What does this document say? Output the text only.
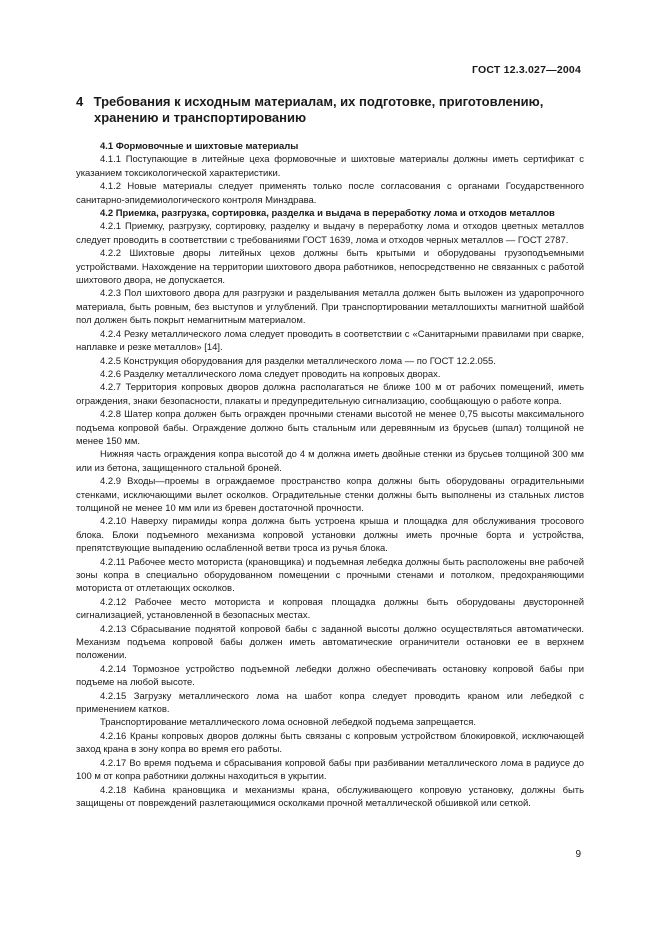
ГОСТ 12.3.027—2004
4 Требования к исходным материалам, их подготовке, приготовлению,
хранению и транспортированию

4.1 Формовочные и шихтовые материалы

4.1.1 Поступающие в литейные цеха формовочные и шихтовые материалы должны иметь сертификат с указанием токсикологической характеристики.

4.1.2 Новые материалы следует применять только после согласования с органами Государственного санитарно-эпидемиологического контроля Минздрава.

4.2 Приемка, разгрузка, сортировка, разделка и выдача в переработку лома и отходов металлов

4.2.1 Приемку, разгрузку, сортировку, разделку и выдачу в переработку лома и отходов цветных металлов следует проводить в соответствии с требованиями ГОСТ 1639, лома и отходов черных металлов — ГОСТ 2787.

4.2.2 Шихтовые дворы литейных цехов должны быть крытыми и оборудованы грузоподъемными устройствами. Нахождение на территории шихтового двора работников, непосредственно не связанных с работой шихтового двора, не допускается.

4.2.3 Пол шихтового двора для разгрузки и разделывания металла должен быть выложен из ударопрочного материала, быть ровным, без выступов и углублений. При транспортировании металлошихты магнитной шайбой пол должен быть покрыт немагнитным материалом.

4.2.4 Резку металлического лома следует проводить в соответствии с «Санитарными правилами при сварке, наплавке и резке металлов» [14].

4.2.5 Конструкция оборудования для разделки металлического лома — по ГОСТ 12.2.055.

4.2.6 Разделку металлического лома следует проводить на копровых дворах.

4.2.7 Территория копровых дворов должна располагаться не ближе 100 м от рабочих помещений, иметь ограждения, знаки безопасности, плакаты и предупредительную сигнализацию, сообщающую о работе копра.

4.2.8 Шатер копра должен быть огражден прочными стенами высотой не менее 0,75 высоты максимального подъема копровой бабы. Ограждение должно быть стальным или деревянным из брусьев (шпал) толщиной не менее 150 мм.

Нижняя часть ограждения копра высотой до 4 м должна иметь двойные стенки из брусьев толщиной 300 мм или из бетона, защищенного стальной броней.

4.2.9 Входы—проемы в ограждаемое пространство копра должны быть оборудованы оградительными стенками, исключающими вылет осколков. Оградительные стенки должны быть выполнены из стальных листов толщиной не менее 10 мм или из бревен достаточной прочности.

4.2.10 Наверху пирамиды копра должна быть устроена крыша и площадка для обслуживания тросового блока. Блоки подъемного механизма копровой установки должны иметь прочные борта и устройства, препятствующие выпадению ослабленной ветви троса из ручья блока.

4.2.11 Рабочее место моториста (крановщика) и подъемная лебедка должны быть расположены вне рабочей зоны копра в специально оборудованном помещении с прочными стенами и потолком, предохраняющими моториста от отлетающих осколков.

4.2.12 Рабочее место моториста и копровая площадка должны быть оборудованы двусторонней сигнализацией, установленной в безопасных местах.

4.2.13 Сбрасывание поднятой копровой бабы с заданной высоты должно осуществляться автоматически. Механизм подъема копровой бабы должен иметь автоматические ограничители остановки ее в верхнем положении.

4.2.14 Тормозное устройство подъемной лебедки должно обеспечивать остановку копровой бабы при подъеме на любой высоте.

4.2.15 Загрузку металлического лома на шабот копра следует проводить краном или лебедкой с применением катков.

Транспортирование металлического лома основной лебедкой подъема запрещается.

4.2.16 Краны копровых дворов должны быть связаны с копровым устройством блокировкой, исключающей заход крана в зону копра во время его работы.

4.2.17 Во время подъема и сбрасывания копровой бабы при разбивании металлического лома в радиусе до 100 м от копра работники должны находиться в укрытии.

4.2.18 Кабина крановщика и механизмы крана, обслуживающего копровую установку, должны быть защищены от повреждений разлетающимися осколками прочной металлической обшивкой или сеткой.

9
